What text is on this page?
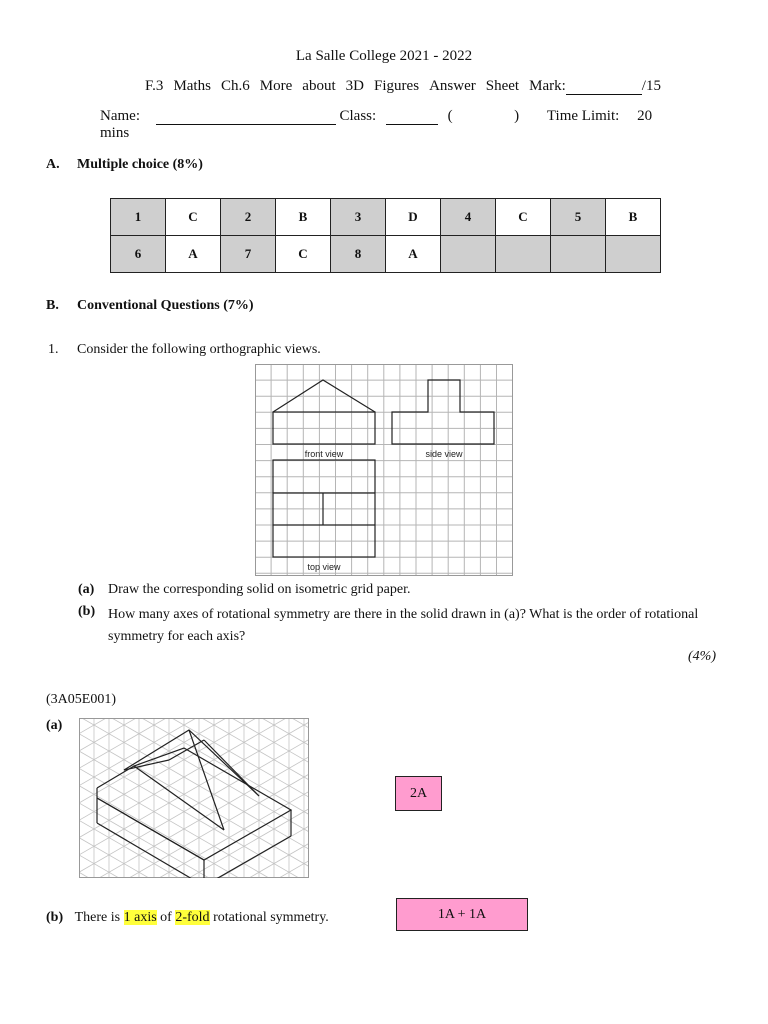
La Salle College 2021 - 2022
F.3 Maths Ch.6 More about 3D Figures Answer Sheet Mark:	/15
Name:	Class:	(	) Time Limit: 20 mins
A. Multiple choice (8%)
1	C	2	B	3	D	4	C	5	B
6	A	7	C	8	A				
B. Conventional Questions (7%)
1. Consider the following orthographic views.
front view	side view
top view
(a) Draw the corresponding solid on isometric grid paper.
(b) How many axes of rotational symmetry are there in the solid drawn in (a)? What is the order of rotational symmetry for each axis?
(4%)
(3A05E001)
(a)
2A
(b) There is 1 axis of 2-fold rotational symmetry.	1A + 1A
